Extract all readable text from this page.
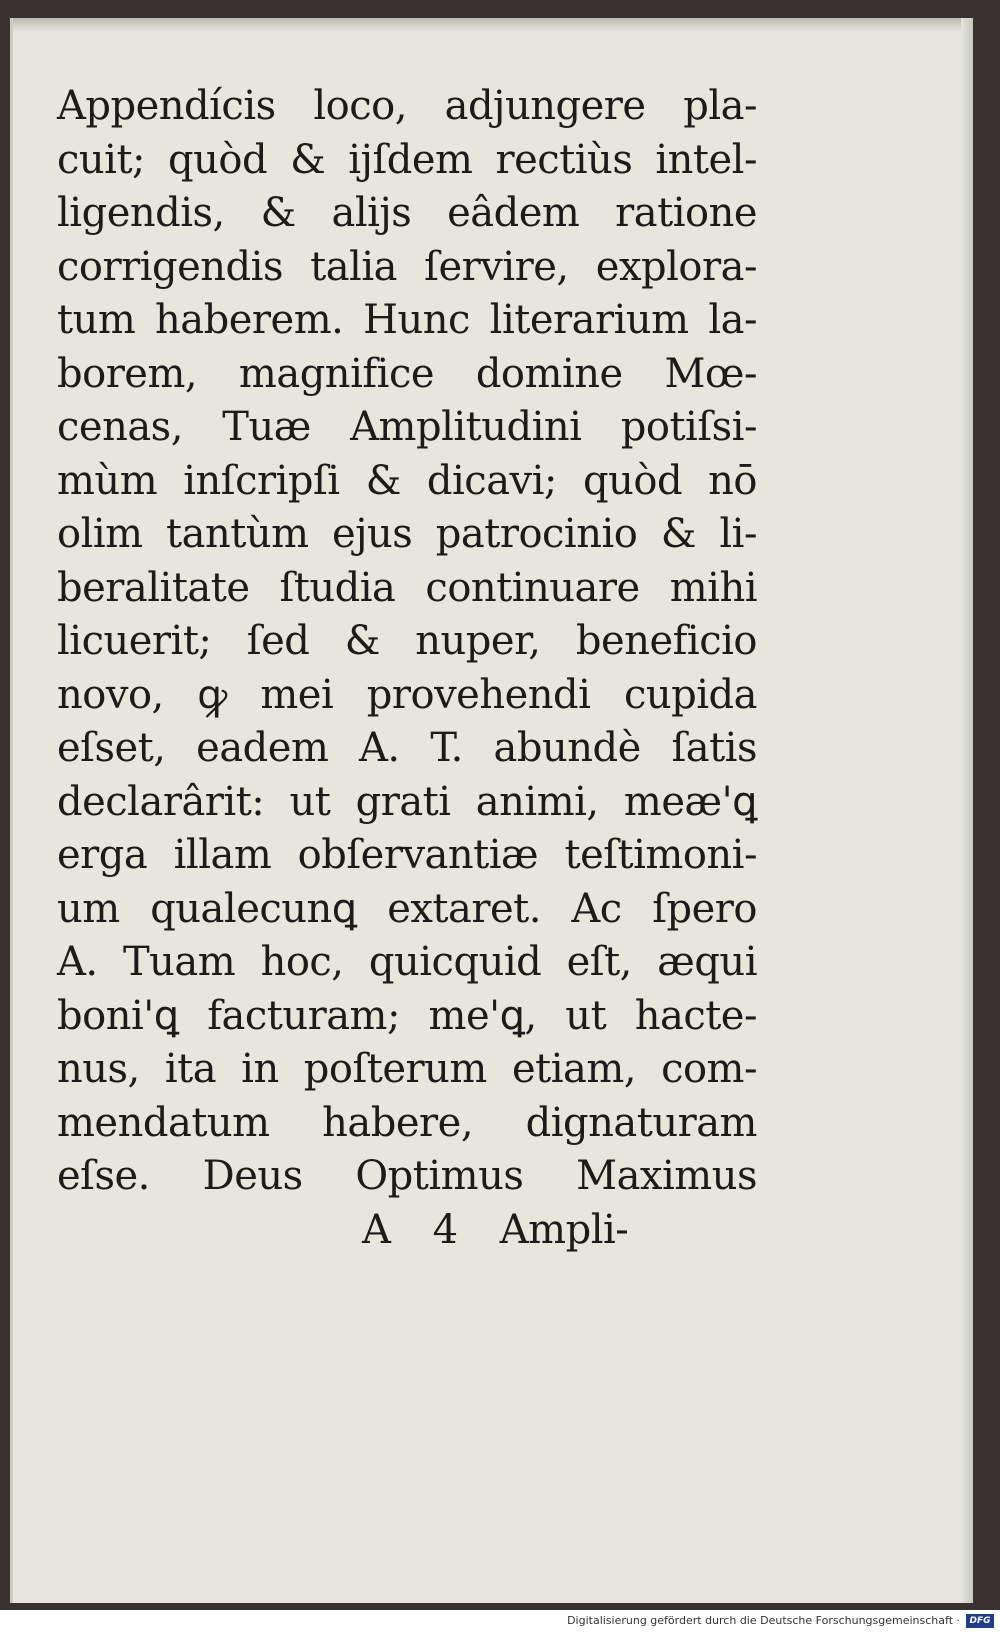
Appendícis loco, adjungere pla-
cuit; quòd & ijſdem rectiùs intel-
ligendis, & alijs eâdem ratione
corrigendis talia ſervire, explora-
tum haberem. Hunc literarium la-
borem, magnifice domine Mœ-
cenas, Tuæ Amplitudini potiſsi-
mùm inſcripſi & dicavi; quòd nō
olim tantùm ejus patrocinio & li-
beralitate ſtudia continuare mihi
licuerit; ſed & nuper, beneficio
novo, ꝙ mei provehendi cupida
eſset, eadem A. T. abundè ſatis
declarârit: ut grati animi, meæ'ꝗ
erga illam obſervantiæ teſtimoni-
um qualecunꝗ extaret. Ac ſpero
A. Tuam hoc, quicquid eſt, æqui
boni'ꝗ facturam; me'ꝗ, ut hacte-
nus, ita in poſterum etiam, com-
mendatum habere, dignaturam
eſse. Deus Optimus Maximus
A 4 Ampli-
Digitalisierung gefördert durch die Deutsche Forschungsgemeinschaft ·	DFG
